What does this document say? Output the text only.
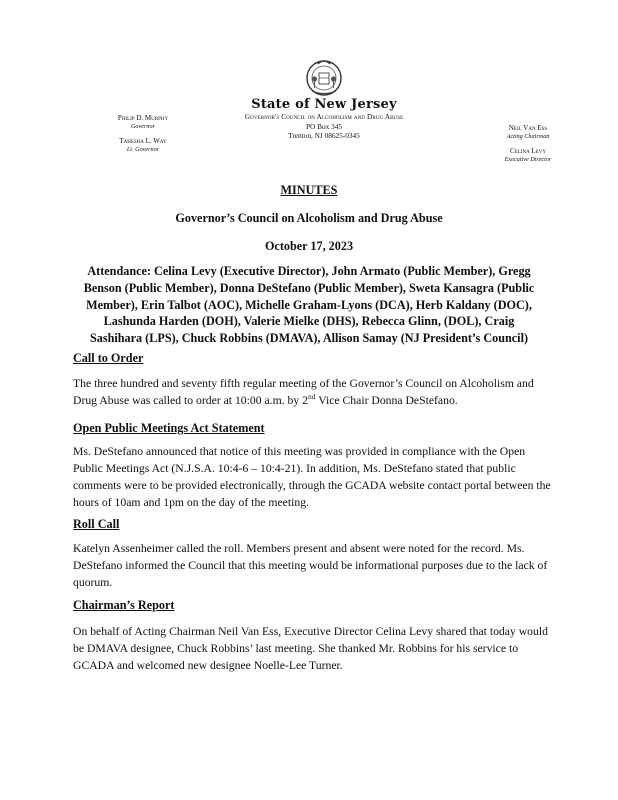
State of New Jersey
Governor's Council on Alcoholism and Drug Abuse
PO Box 345
Trenton, NJ 08625-0345
Philip D. Murphy
Governor
Tahesha L. Way
Lt. Governor
Neil Van Ess
Acting Chairman
Celina Levy
Executive Director
MINUTES
Governor’s Council on Alcoholism and Drug Abuse
October 17, 2023
Attendance: Celina Levy (Executive Director), John Armato (Public Member), Gregg Benson (Public Member), Donna DeStefano (Public Member), Sweta Kansagra (Public Member), Erin Talbot (AOC), Michelle Graham-Lyons (DCA), Herb Kaldany (DOC), Lashunda Harden (DOH), Valerie Mielke (DHS), Rebecca Glinn, (DOL), Craig Sashihara (LPS), Chuck Robbins (DMAVA), Allison Samay (NJ President’s Council)
Call to Order
The three hundred and seventy fifth regular meeting of the Governor’s Council on Alcoholism and Drug Abuse was called to order at 10:00 a.m. by 2nd Vice Chair Donna DeStefano.
Open Public Meetings Act Statement
Ms. DeStefano announced that notice of this meeting was provided in compliance with the Open Public Meetings Act (N.J.S.A. 10:4-6 – 10:4-21). In addition, Ms. DeStefano stated that public comments were to be provided electronically, through the GCADA website contact portal between the hours of 10am and 1pm on the day of the meeting.
Roll Call
Katelyn Assenheimer called the roll. Members present and absent were noted for the record. Ms. DeStefano informed the Council that this meeting would be informational purposes due to the lack of quorum.
Chairman’s Report
On behalf of Acting Chairman Neil Van Ess, Executive Director Celina Levy shared that today would be DMAVA designee, Chuck Robbins’ last meeting. She thanked Mr. Robbins for his service to GCADA and welcomed new designee Noelle-Lee Turner.
